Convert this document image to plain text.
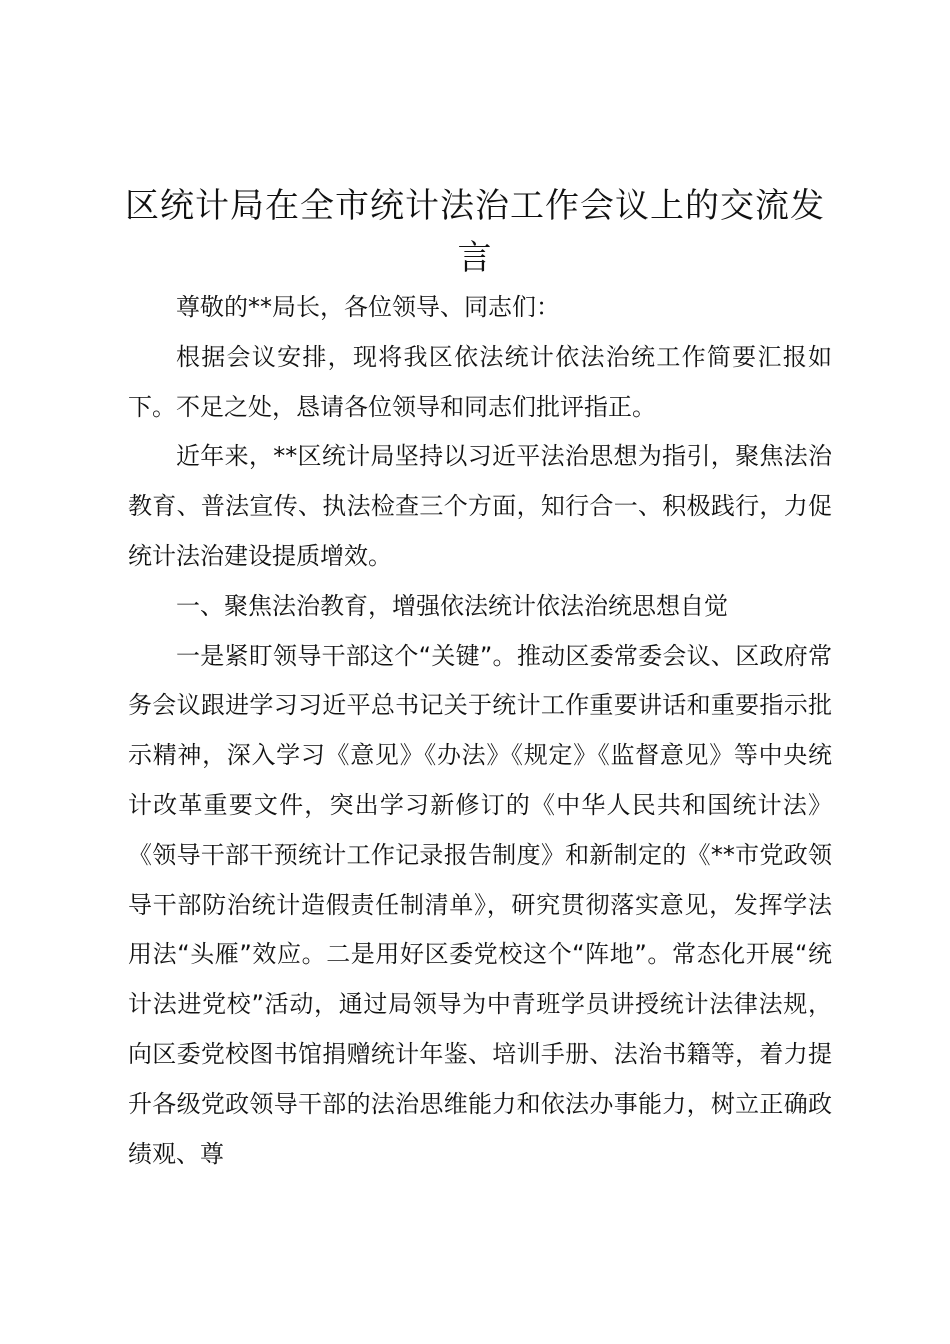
区统计局在全市统计法治工作会议上的交流发言

尊敬的**局长，各位领导、同志们：

根据会议安排，现将我区依法统计依法治统工作简要汇报如下。不足之处，恳请各位领导和同志们批评指正。

近年来，**区统计局坚持以习近平法治思想为指引，聚焦法治教育、普法宣传、执法检查三个方面，知行合一、积极践行，力促统计法治建设提质增效。

一、聚焦法治教育，增强依法统计依法治统思想自觉

一是紧盯领导干部这个“关键”。推动区委常委会议、区政府常务会议跟进学习习近平总书记关于统计工作重要讲话和重要指示批示精神，深入学习《意见》《办法》《规定》《监督意见》等中央统计改革重要文件，突出学习新修订的《中华人民共和国统计法》《领导干部干预统计工作记录报告制度》和新制定的《**市党政领导干部防治统计造假责任制清单》，研究贯彻落实意见，发挥学法用法“头雁”效应。二是用好区委党校这个“阵地”。常态化开展“统计法进党校”活动，通过局领导为中青班学员讲授统计法律法规，向区委党校图书馆捐赠统计年鉴、培训手册、法治书籍等，着力提升各级党政领导干部的法治思维能力和依法办事能力，树立正确政绩观、尊
